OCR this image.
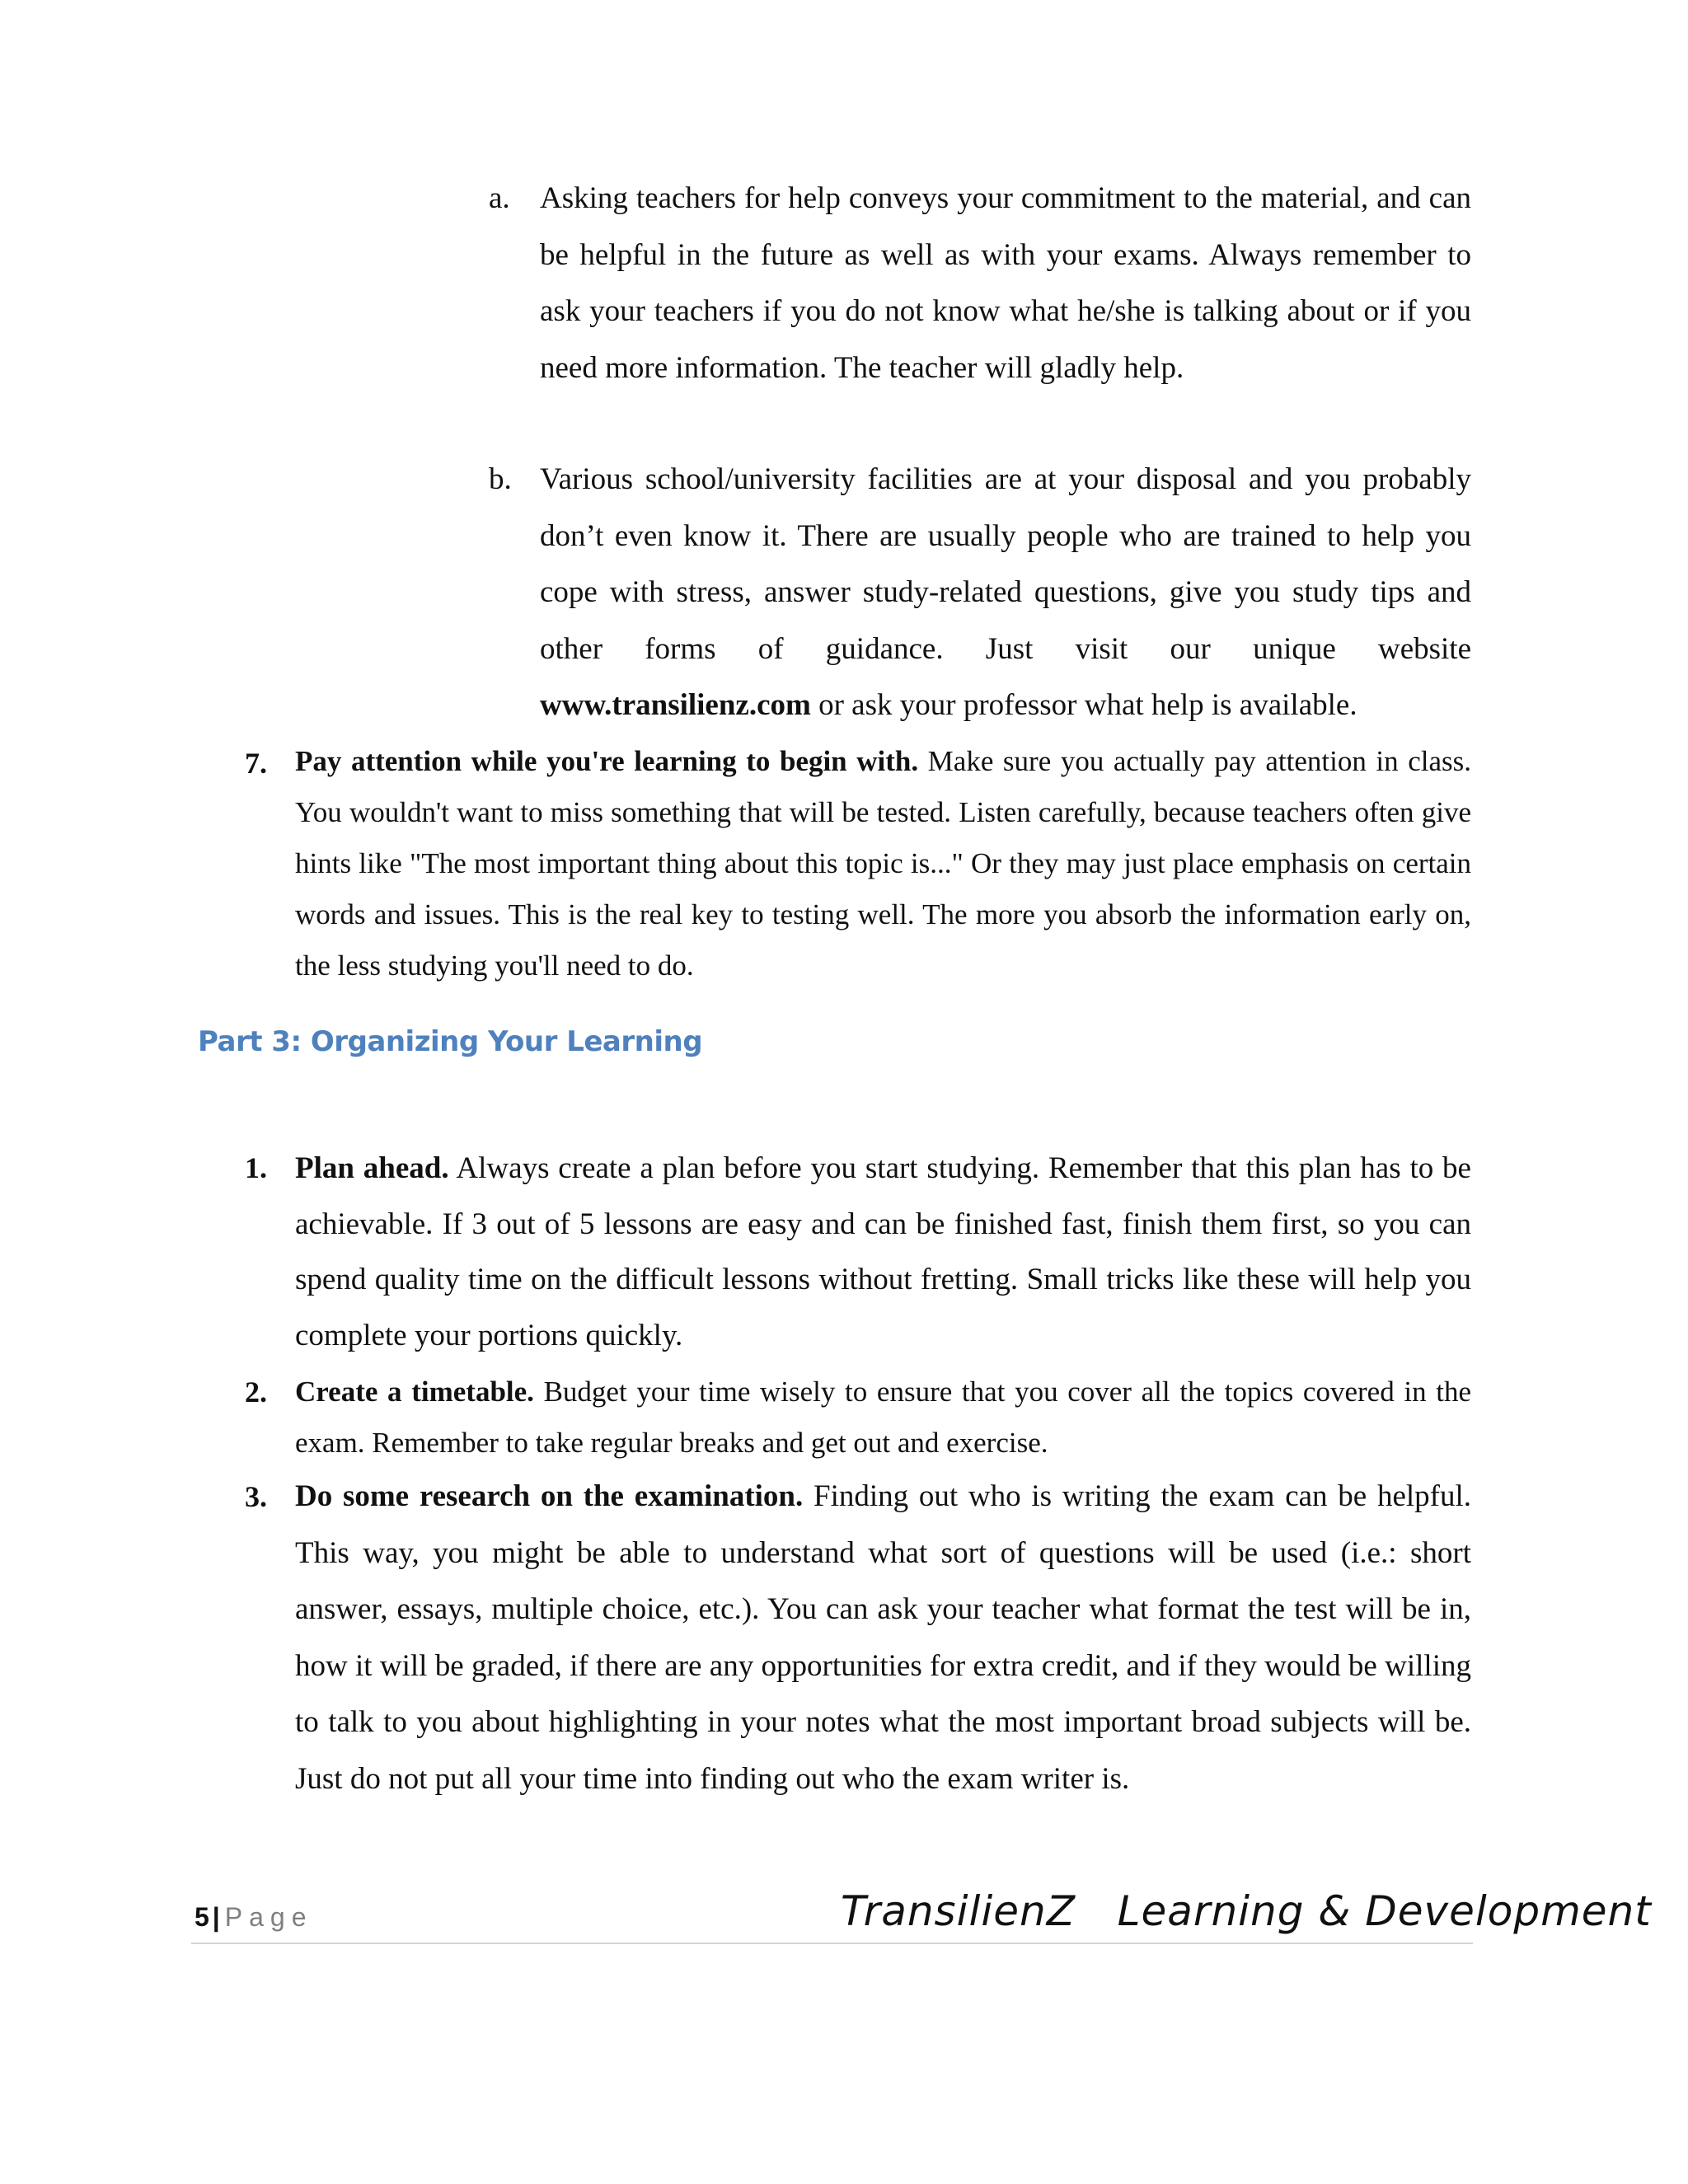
a. Asking teachers for help conveys your commitment to the material, and can be helpful in the future as well as with your exams. Always remember to ask your teachers if you do not know what he/she is talking about or if you need more information. The teacher will gladly help.

b. Various school/university facilities are at your disposal and you probably don’t even know it. There are usually people who are trained to help you cope with stress, answer study-related questions, give you study tips and other forms of guidance. Just visit our unique website www.transilienz.com or ask your professor what help is available.

7. Pay attention while you're learning to begin with. Make sure you actually pay attention in class. You wouldn't want to miss something that will be tested. Listen carefully, because teachers often give hints like "The most important thing about this topic is..." Or they may just place emphasis on certain words and issues. This is the real key to testing well. The more you absorb the information early on, the less studying you'll need to do.

Part 3: Organizing Your Learning
1. Plan ahead. Always create a plan before you start studying. Remember that this plan has to be achievable. If 3 out of 5 lessons are easy and can be finished fast, finish them first, so you can spend quality time on the difficult lessons without fretting. Small tricks like these will help you complete your portions quickly.

2. Create a timetable. Budget your time wisely to ensure that you cover all the topics covered in the exam. Remember to take regular breaks and get out and exercise.

3. Do some research on the examination. Finding out who is writing the exam can be helpful. This way, you might be able to understand what sort of questions will be used (i.e.: short answer, essays, multiple choice, etc.). You can ask your teacher what format the test will be in, how it will be graded, if there are any opportunities for extra credit, and if they would be willing to talk to you about highlighting in your notes what the most important broad subjects will be. Just do not put all your time into finding out who the exam writer is.

5 | Page	TransilienZ   Learning & Development
